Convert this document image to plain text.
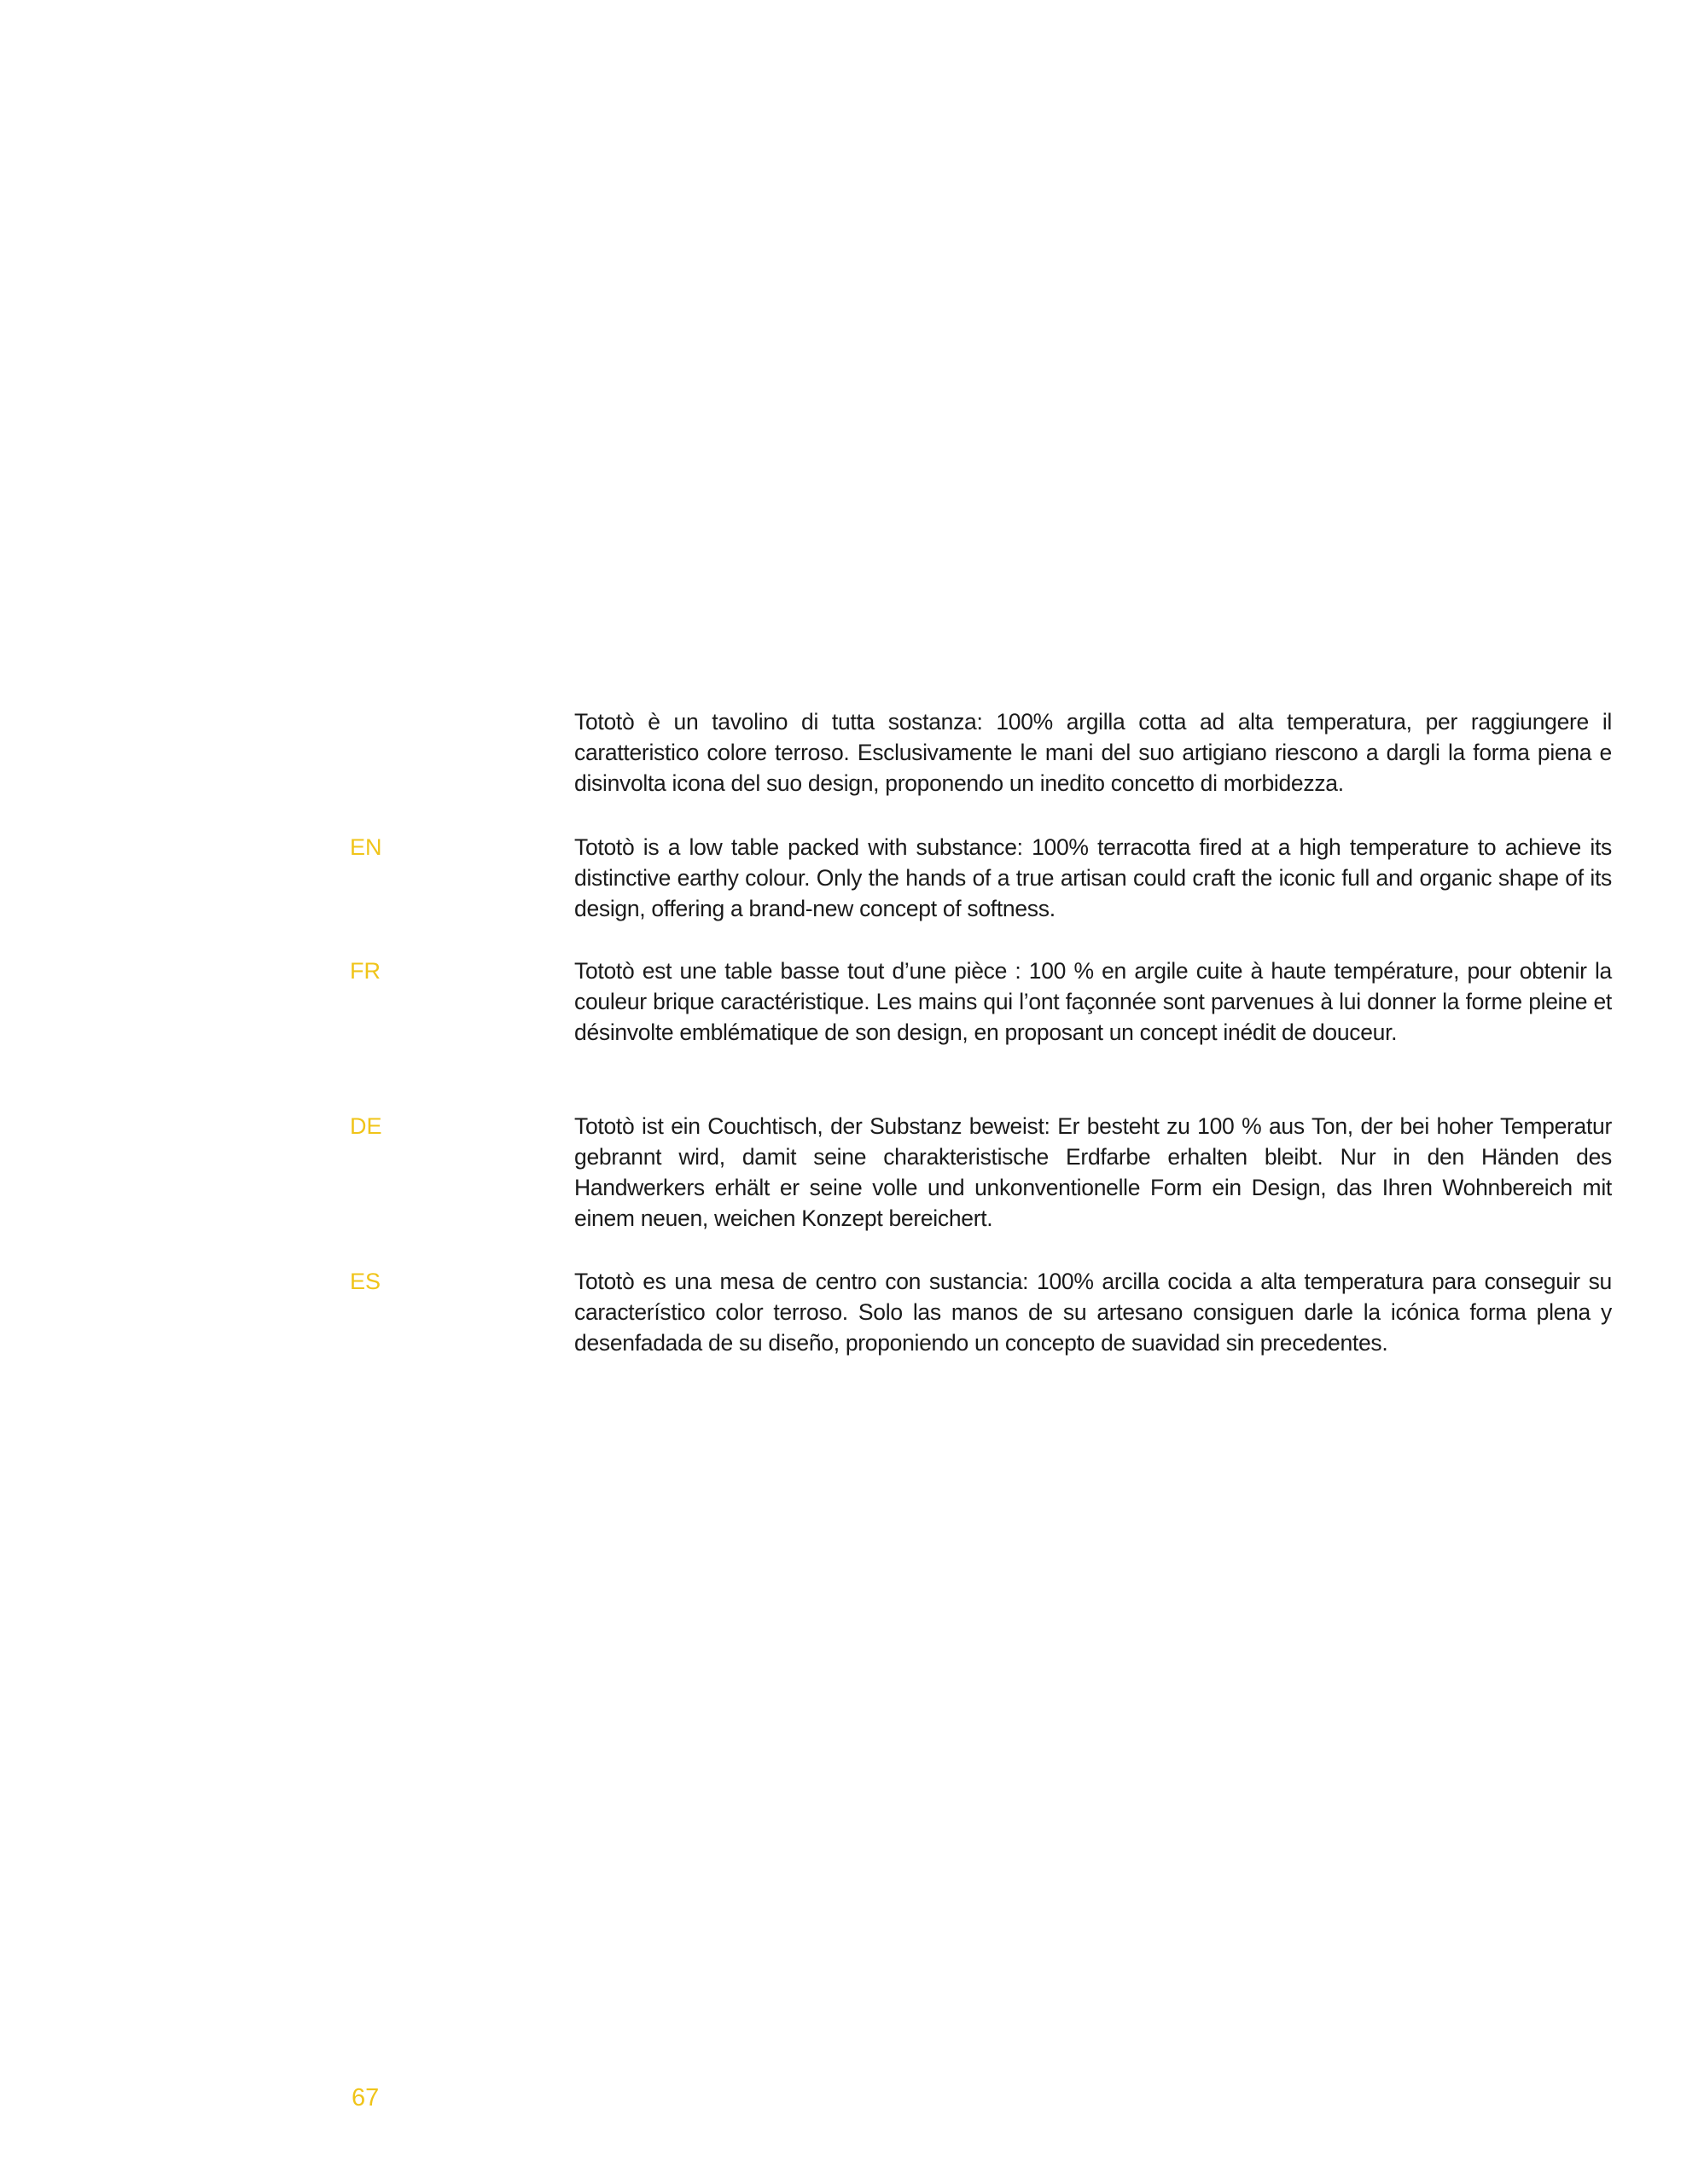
Tototò è un tavolino di tutta sostanza: 100% argilla cotta ad alta temperatura, per raggiungere il caratteristico colore terroso. Esclusivamente le mani del suo artigiano riescono a dargli la forma piena e disinvolta icona del suo design, proponendo un inedito concetto di morbidezza.
EN	Tototò is a low table packed with substance: 100% terracotta fired at a high temperature to achieve its distinctive earthy colour. Only the hands of a true artisan could craft the iconic full and organic shape of its design, offering a brand-new concept of softness.
FR	Tototò est une table basse tout d’une pièce : 100 % en argile cuite à haute température, pour obtenir la couleur brique caractéristique. Les mains qui l’ont façonnée sont parvenues à lui donner la forme pleine et désinvolte emblématique de son design, en proposant un concept inédit de douceur.
DE	Tototò ist ein Couchtisch, der Substanz beweist: Er besteht zu 100 % aus Ton, der bei hoher Temperatur gebrannt wird, damit seine charakteristische Erdfarbe erhalten bleibt. Nur in den Händen des Handwerkers erhält er seine volle und unkonventionelle Form ein Design, das Ihren Wohnbereich mit einem neuen, weichen Konzept bereichert.
ES	Tototò es una mesa de centro con sustancia: 100% arcilla cocida a alta temperatura para conseguir su característico color terroso. Solo las manos de su artesano consiguen darle la icónica forma plena y desenfadada de su diseño, proponiendo un concepto de suavidad sin precedentes.
67
